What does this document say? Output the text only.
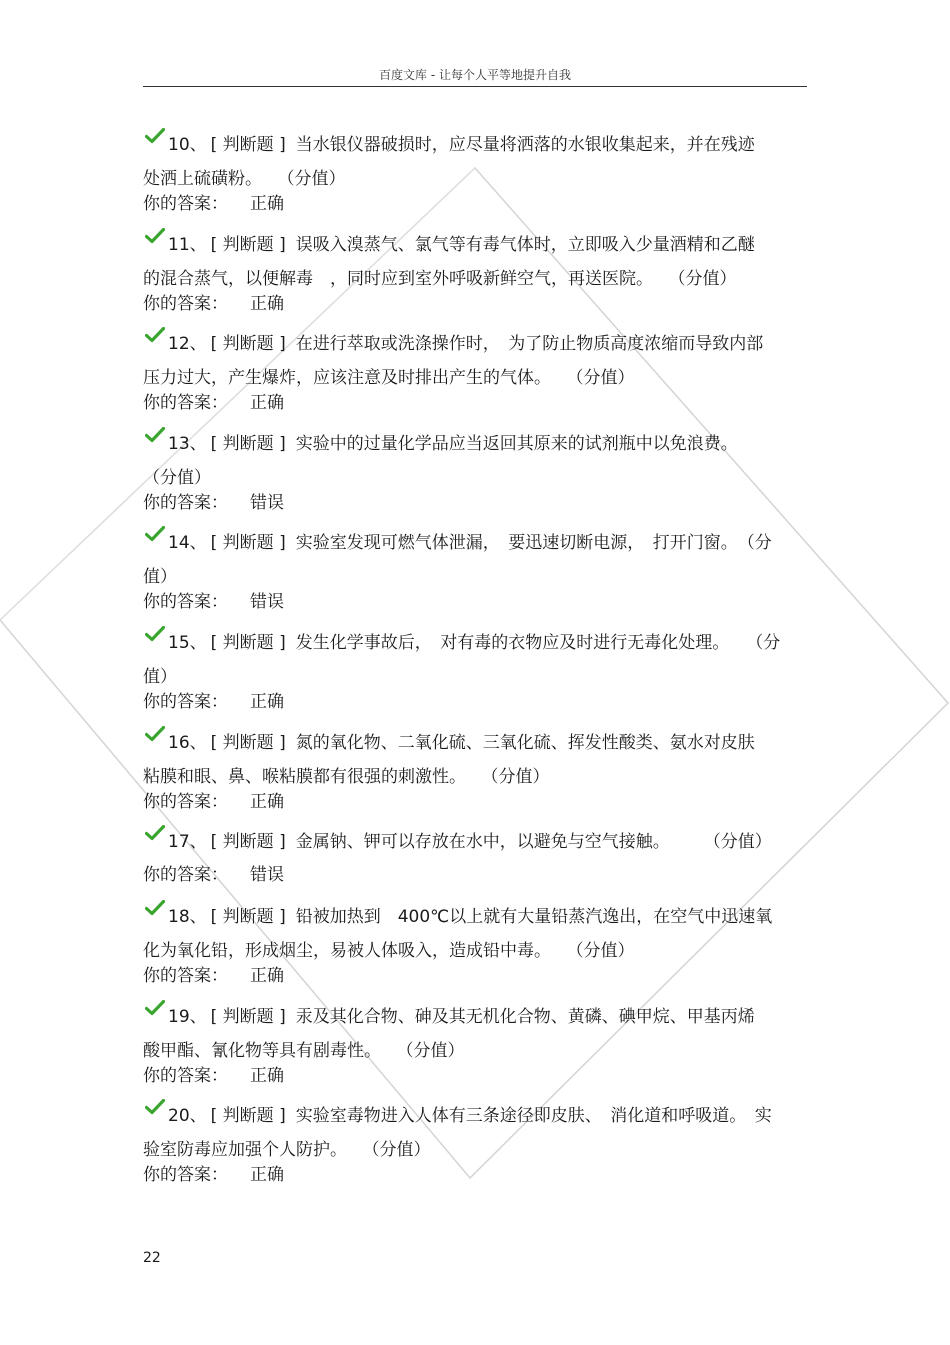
百度文库 - 让每个人平等地提升自我
10、 [ 判断题 ] 当水银仪器破损时，应尽量将洒落的水银收集起来，并在残迹
处洒上硫磺粉。 （分值）
你的答案： 正确
11、 [ 判断题 ] 误吸入溴蒸气、氯气等有毒气体时，立即吸入少量酒精和乙醚
的混合蒸气，以便解毒　，同时应到室外呼吸新鲜空气，再送医院。 （分值）
你的答案： 正确
12、 [ 判断题 ] 在进行萃取或洗涤操作时，　为了防止物质高度浓缩而导致内部
压力过大，产生爆炸，应该注意及时排出产生的气体。 （分值）
你的答案： 正确
13、 [ 判断题 ] 实验中的过量化学品应当返回其原来的试剂瓶中以免浪费。
（分值）
你的答案： 错误
14、 [ 判断题 ] 实验室发现可燃气体泄漏，　要迅速切断电源，　打开门窗。　（分
值）
你的答案： 错误
15、 [ 判断题 ] 发生化学事故后，　对有毒的衣物应及时进行无毒化处理。　　（分
值）
你的答案： 正确
16、 [ 判断题 ] 氮的氧化物、二氧化硫、三氧化硫、挥发性酸类、氨水对皮肤
粘膜和眼、鼻、喉粘膜都有很强的刺激性。 （分值）
你的答案： 正确
17、 [ 判断题 ] 金属钠、钾可以存放在水中，以避免与空气接触。　　　（分值）
你的答案： 错误
18、 [ 判断题 ] 铅被加热到　400℃以上就有大量铅蒸汽逸出，在空气中迅速氧
化为氧化铅，形成烟尘，易被人体吸入，造成铅中毒。 （分值）
你的答案： 正确
19、 [ 判断题 ] 汞及其化合物、砷及其无机化合物、黄磷、碘甲烷、甲基丙烯
酸甲酯、氰化物等具有剧毒性。 （分值）
你的答案： 正确
20、 [ 判断题 ] 实验室毒物进入人体有三条途径即皮肤、　消化道和呼吸道。　实
验室防毒应加强个人防护。 （分值）
你的答案： 正确
22
